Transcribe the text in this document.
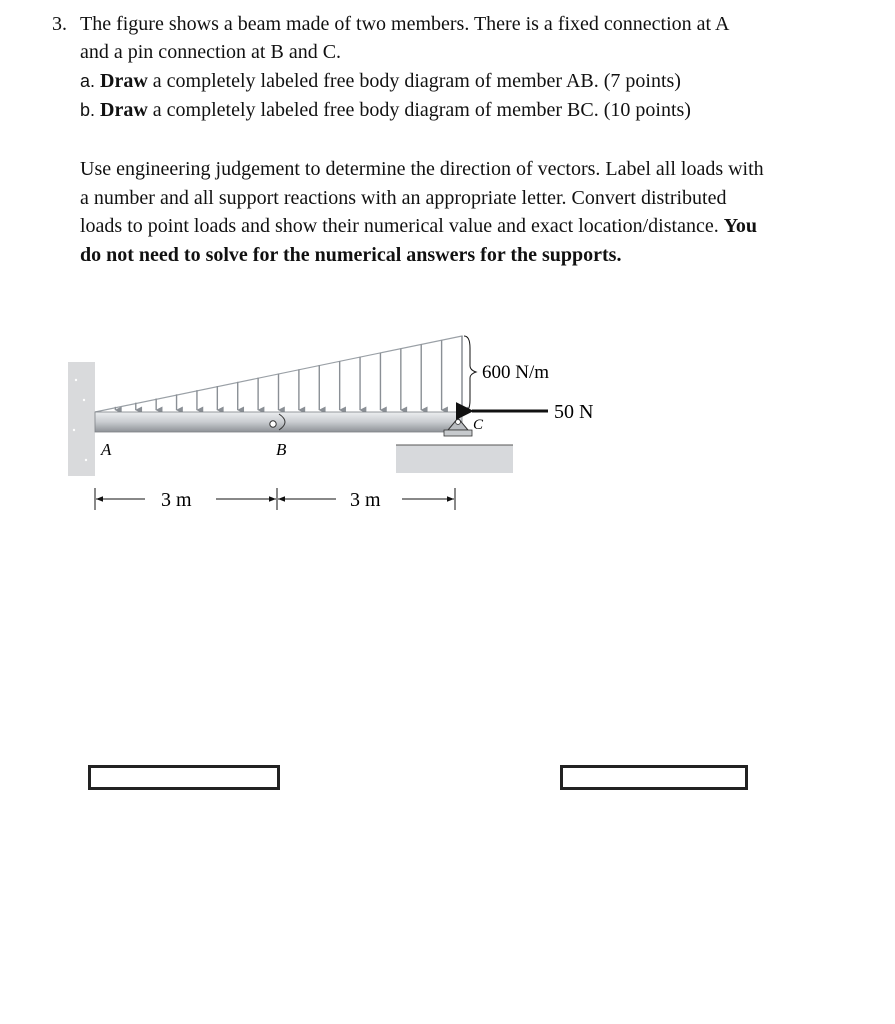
3. The figure shows a beam made of two members. There is a fixed connection at A
and a pin connection at B and C.
a. Draw a completely labeled free body diagram of member AB. (7 points)
b. Draw a completely labeled free body diagram of member BC. (10 points)
Use engineering judgement to determine the direction of vectors. Label all loads with
a number and all support reactions with an appropriate letter. Convert distributed
loads to point loads and show their numerical value and exact location/distance. You
do not need to solve for the numerical answers for the supports.
600 N/m
50 N
A	B
C
3 m	3 m
